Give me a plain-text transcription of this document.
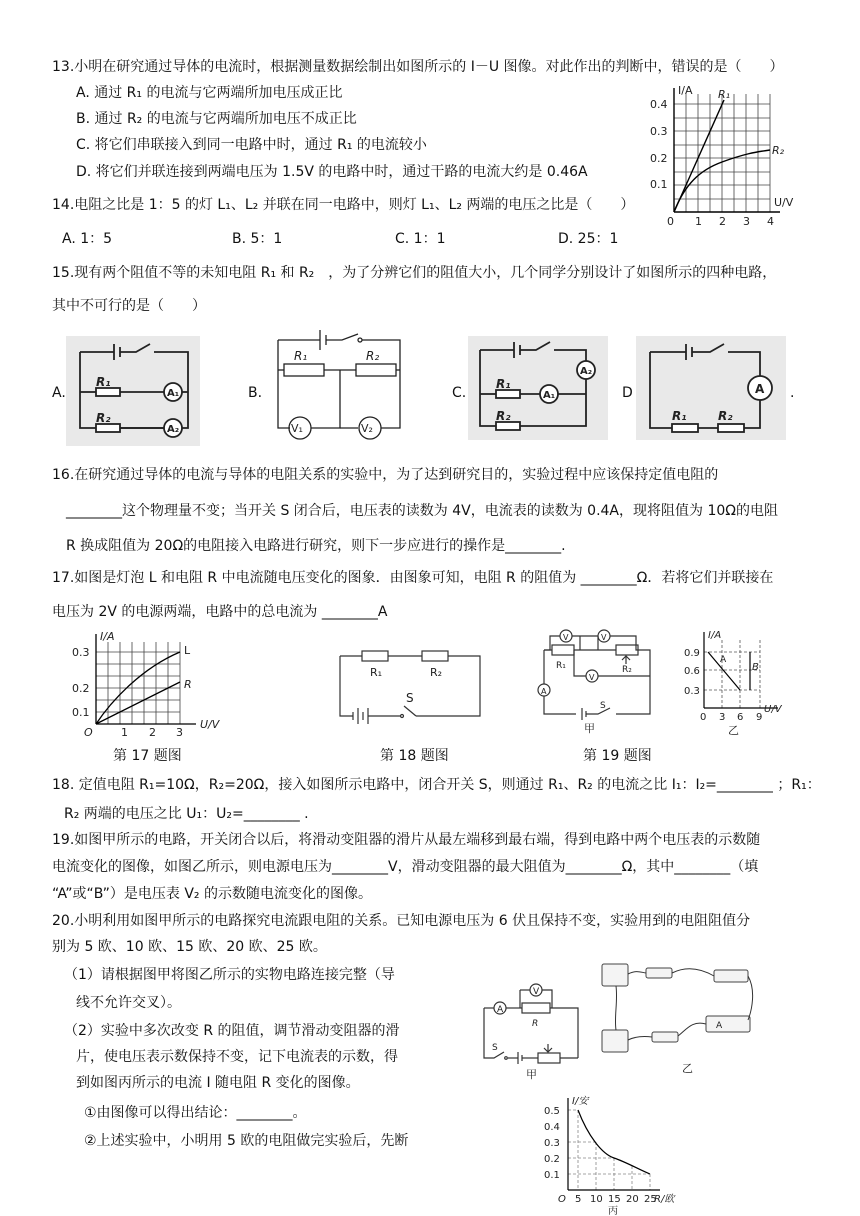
13.小明在研究通过导体的电流时，根据测量数据绘制出如图所示的 I－U 图像。对此作出的判断中，错误的是（　　）
A. 通过 R₁ 的电流与它两端所加电压成正比
B. 通过 R₂ 的电流与它两端所加电压不成正比
C. 将它们串联接入到同一电路中时，通过 R₁ 的电流较小
D. 将它们并联连接到两端电压为 1.5V 的电路中时，通过干路的电流大约是 0.46A
I/A
U/V
0 1 2 3 4
0.1
0.2
0.3
0.4
R₁
R₂
14.电阻之比是 1：5 的灯 L₁、L₂ 并联在同一电路中，则灯 L₁、L₂ 两端的电压之比是（　　）
A. 1：5	B. 5：1	C. 1：1	D. 25：1
15.现有两个阻值不等的未知电阻 R₁ 和 R₂　，为了分辨它们的阻值大小，几个同学分别设计了如图所示的四种电路，
其中不可行的是（　　）
A.
R₁
R₂
A₁
A₂
B.
R₁	R₂
V₁	V₂
C.
R₁
R₂
A₁
A₂
D
R₁	R₂
A .
16.在研究通过导体的电流与导体的电阻关系的实验中，为了达到研究目的，实验过程中应该保持定值电阻的
________这个物理量不变；当开关 S 闭合后，电压表的读数为 4V，电流表的读数为 0.4A，现将阻值为 10Ω的电阻
R 换成阻值为 20Ω的电阻接入电路进行研究，则下一步应进行的操作是________.
17.如图是灯泡 L 和电阻 R 中电流随电压变化的图象．由图象可知，电阻 R 的阻值为 ________Ω．若将它们并联接在
电压为 2V 的电源两端，电路中的总电流为 ________A
I/A
U/V
O	1 2 3
0.1
0.2
0.3	L
R
R₁	R₂
S
V	V
V
A
R₁	R₂
S
甲
I/A
U/V
0 3 6 9
0.3
0.6
0.9
A
B
乙
第 17 题图	第 18 题图	第 19 题图
18. 定值电阻 R₁=10Ω，R₂=20Ω，接入如图所示电路中，闭合开关 S，则通过 R₁、R₂ 的电流之比 I₁：I₂=________ ；R₁：
R₂ 两端的电压之比 U₁：U₂=________ .
19.如图甲所示的电路，开关闭合以后，将滑动变阻器的滑片从最左端移到最右端，得到电路中两个电压表的示数随
电流变化的图像，如图乙所示，则电源电压为________V，滑动变阻器的最大阻值为________Ω，其中________（填
“A”或“B”）是电压表 V₂ 的示数随电流变化的图像。
20.小明利用如图甲所示的电路探究电流跟电阻的关系。已知电源电压为 6 伏且保持不变，实验用到的电阻阻值分
别为 5 欧、10 欧、15 欧、20 欧、25 欧。
（1）请根据图甲将图乙所示的实物电路连接完整（导
线不允许交叉）。
（2）实验中多次改变 R 的阻值，调节滑动变阻器的滑
片，使电压表示数保持不变，记下电流表的示数，得
到如图丙所示的电流 I 随电阻 R 变化的图像。
①由图像可以得出结论：________。
②上述实验中，小明用 5 欧的电阻做完实验后，先断
V
A
R
S
甲
A
乙
I/安
R/欧
O 5 10 15 20 25
0.1
0.2
0.3
0.4
0.5
丙
